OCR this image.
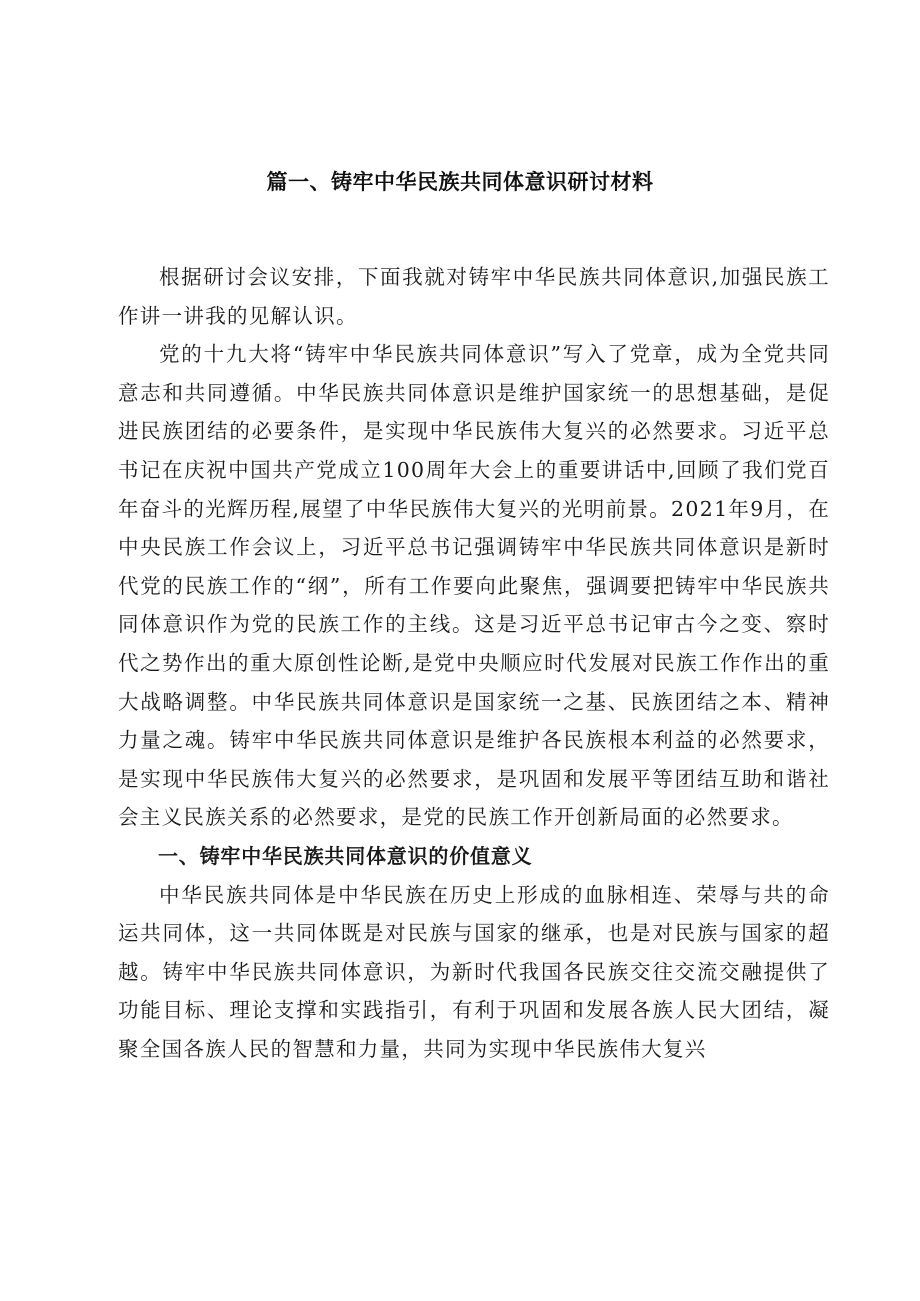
篇一、铸牢中华民族共同体意识研讨材料

根据研讨会议安排，下面我就对铸牢中华民族共同体意识,加强民族工作讲一讲我的见解认识。

党的十九大将“铸牢中华民族共同体意识”写入了党章，成为全党共同意志和共同遵循。中华民族共同体意识是维护国家统一的思想基础，是促进民族团结的必要条件，是实现中华民族伟大复兴的必然要求。习近平总书记在庆祝中国共产党成立100周年大会上的重要讲话中,回顾了我们党百年奋斗的光辉历程,展望了中华民族伟大复兴的光明前景。2021年9月，在中央民族工作会议上，习近平总书记强调铸牢中华民族共同体意识是新时代党的民族工作的“纲”，所有工作要向此聚焦，强调要把铸牢中华民族共同体意识作为党的民族工作的主线。这是习近平总书记审古今之变、察时代之势作出的重大原创性论断,是党中央顺应时代发展对民族工作作出的重大战略调整。中华民族共同体意识是国家统一之基、民族团结之本、精神力量之魂。铸牢中华民族共同体意识是维护各民族根本利益的必然要求，是实现中华民族伟大复兴的必然要求，是巩固和发展平等团结互助和谐社会主义民族关系的必然要求，是党的民族工作开创新局面的必然要求。

一、铸牢中华民族共同体意识的价值意义

中华民族共同体是中华民族在历史上形成的血脉相连、荣辱与共的命运共同体，这一共同体既是对民族与国家的继承，也是对民族与国家的超越。铸牢中华民族共同体意识，为新时代我国各民族交往交流交融提供了功能目标、理论支撑和实践指引，有利于巩固和发展各族人民大团结，凝聚全国各族人民的智慧和力量，共同为实现中华民族伟大复兴
